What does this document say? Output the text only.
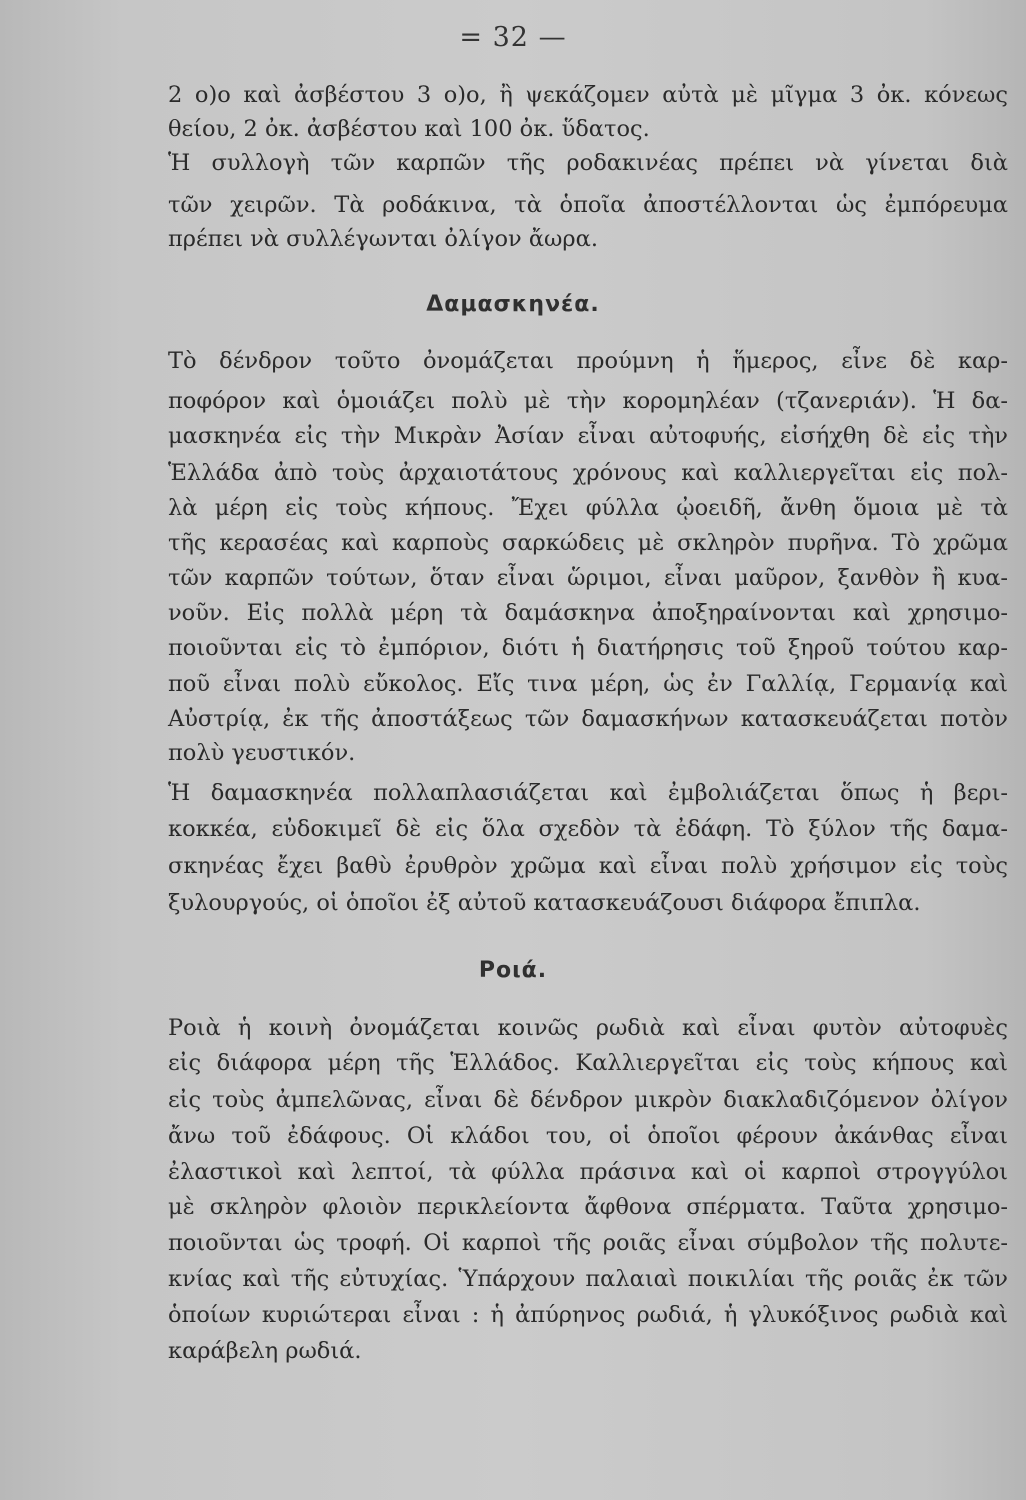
= 32 —
2 ο)ο καὶ ἀσβέστου 3 ο)ο, ἢ ψεκάζομεν αὐτὰ μὲ μῖγμα 3 ὀκ. κόνεως
θείου, 2 ὀκ. ἀσβέστου καὶ 100 ὀκ. ὕδατος.
Ἡ συλλογὴ τῶν καρπῶν τῆς ροδακινέας πρέπει νὰ γίνεται διὰ
τῶν χειρῶν. Τὰ ροδάκινα, τὰ ὁποῖα ἀποστέλλονται ὡς ἐμπόρευμα
πρέπει νὰ συλλέγωνται ὀλίγον ἄωρα.
Δαμασκηνέα.
Τὸ δένδρον τοῦτο ὀνομάζεται προύμνη ἡ ἥμερος, εἶνε δὲ καρ-
ποφόρον καὶ ὁμοιάζει πολὺ μὲ τὴν κορομηλέαν (τζανεριάν). Ἡ δα-
μασκηνέα εἰς τὴν Μικρὰν Ἀσίαν εἶναι αὐτοφυής, εἰσήχθη δὲ εἰς τὴν
Ἑλλάδα ἀπὸ τοὺς ἀρχαιοτάτους χρόνους καὶ καλλιεργεῖται εἰς πολ-
λὰ μέρη εἰς τοὺς κήπους. Ἔχει φύλλα ᾠοειδῆ, ἄνθη ὅμοια μὲ τὰ
τῆς κερασέας καὶ καρποὺς σαρκώδεις μὲ σκληρὸν πυρῆνα. Τὸ χρῶμα
τῶν καρπῶν τούτων, ὅταν εἶναι ὥριμοι, εἶναι μαῦρον, ξανθὸν ἢ κυα-
νοῦν. Εἰς πολλὰ μέρη τὰ δαμάσκηνα ἀποξηραίνονται καὶ χρησιμο-
ποιοῦνται εἰς τὸ ἐμπόριον, διότι ἡ διατήρησις τοῦ ξηροῦ τούτου καρ-
ποῦ εἶναι πολὺ εὔκολος. Εἴς τινα μέρη, ὡς ἐν Γαλλίᾳ, Γερμανίᾳ καὶ
Αὐστρίᾳ, ἐκ τῆς ἀποστάξεως τῶν δαμασκήνων κατασκευάζεται ποτὸν
πολὺ γευστικόν.
Ἡ δαμασκηνέα πολλαπλασιάζεται καὶ ἐμβολιάζεται ὅπως ἡ βερι-
κοκκέα, εὐδοκιμεῖ δὲ εἰς ὅλα σχεδὸν τὰ ἐδάφη. Τὸ ξύλον τῆς δαμα-
σκηνέας ἔχει βαθὺ ἐρυθρὸν χρῶμα καὶ εἶναι πολὺ χρήσιμον εἰς τοὺς
ξυλουργούς, οἱ ὁποῖοι ἐξ αὐτοῦ κατασκευάζουσι διάφορα ἔπιπλα.
Ροιά.
Ροιὰ ἡ κοινὴ ὀνομάζεται κοινῶς ρωδιὰ καὶ εἶναι φυτὸν αὐτοφυὲς
εἰς διάφορα μέρη τῆς Ἑλλάδος. Καλλιεργεῖται εἰς τοὺς κήπους καὶ
εἰς τοὺς ἀμπελῶνας, εἶναι δὲ δένδρον μικρὸν διακλαδιζόμενον ὀλίγον
ἄνω τοῦ ἐδάφους. Οἱ κλάδοι του, οἱ ὁποῖοι φέρουν ἀκάνθας εἶναι
ἐλαστικοὶ καὶ λεπτοί, τὰ φύλλα πράσινα καὶ οἱ καρποὶ στρογγύλοι
μὲ σκληρὸν φλοιὸν περικλείοντα ἄφθονα σπέρματα. Ταῦτα χρησιμο-
ποιοῦνται ὡς τροφή. Οἱ καρποὶ τῆς ροιᾶς εἶναι σύμβολον τῆς πολυτε-
κνίας καὶ τῆς εὐτυχίας. Ὑπάρχουν παλαιαὶ ποικιλίαι τῆς ροιᾶς ἐκ τῶν
ὁποίων κυριώτεραι εἶναι : ἡ ἀπύρηνος ρωδιά, ἡ γλυκόξινος ρωδιὰ καὶ
καράβελη ρωδιά.
